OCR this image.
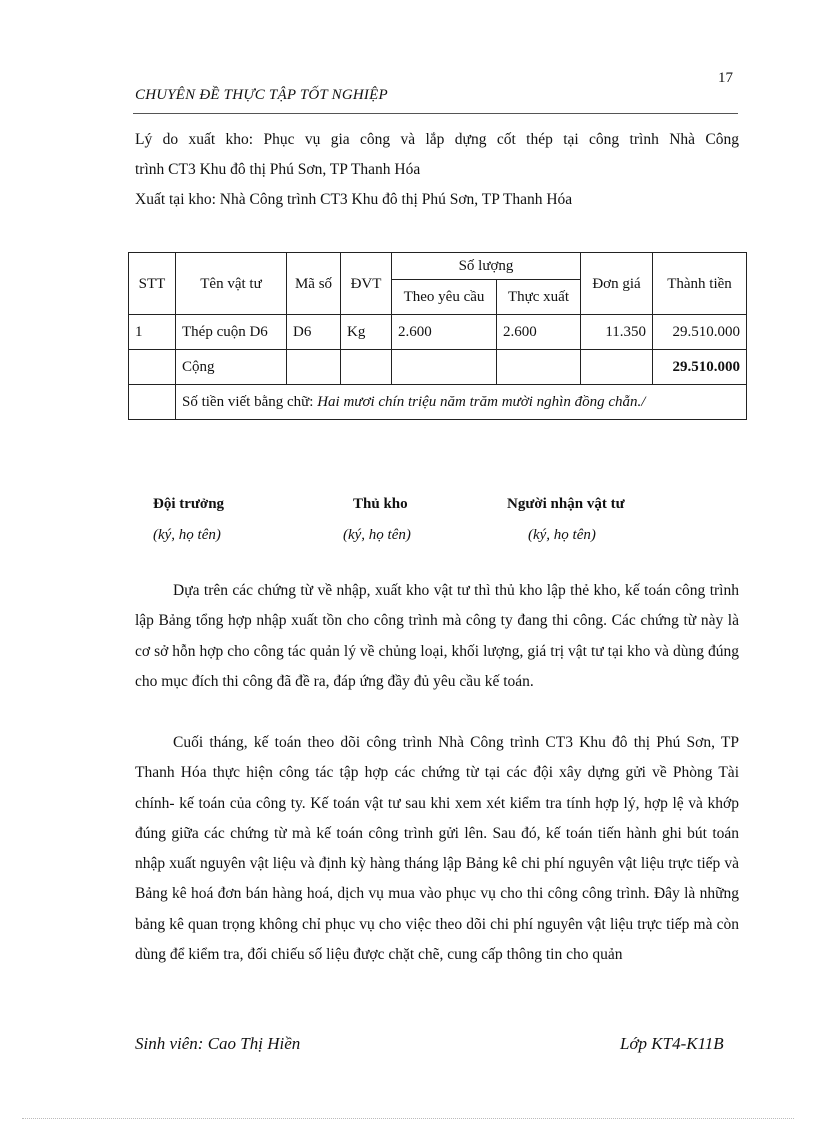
17
CHUYÊN ĐỀ THỰC TẬP TỐT NGHIỆP
Lý do xuất kho: Phục vụ gia công và lắp dựng cốt thép tại công trình Nhà Công
trình CT3 Khu đô thị Phú Sơn, TP Thanh Hóa
Xuất tại kho: Nhà Công trình CT3 Khu đô thị Phú Sơn, TP Thanh Hóa
STT	Tên vật tư	Mã số	ĐVT	Số lượng		Đơn giá	Thành tiền
				Theo yêu cầu	Thực xuất		
1	Thép cuộn D6	D6	Kg	2.600	2.600	11.350	29.510.000
	Cộng						29.510.000
	Số tiền viết bằng chữ: Hai mươi chín triệu năm trăm mười nghìn đồng chẵn./						
Đội trưởng	Thủ kho	Người nhận vật tư
(ký, họ tên)	(ký, họ tên)	(ký, họ tên)
Dựa trên các chứng từ về nhập, xuất kho vật tư thì thủ kho lập thẻ kho, kế toán công trình lập Bảng tổng hợp nhập xuất tồn cho công trình mà công ty đang thi công. Các chứng từ này là cơ sở hỗn hợp cho công tác quản lý về chủng loại, khối lượng, giá trị vật tư tại kho và dùng đúng cho mục đích thi công đã đề ra, đáp ứng đầy đủ yêu cầu kế toán.
Cuối tháng, kế toán theo dõi công trình Nhà Công trình CT3 Khu đô thị Phú Sơn, TP Thanh Hóa thực hiện công tác tập hợp các chứng từ tại các đội xây dựng gửi về Phòng Tài chính- kế toán của công ty. Kế toán vật tư sau khi xem xét kiểm tra tính hợp lý, hợp lệ và khớp đúng giữa các chứng từ mà kế toán công trình gửi lên. Sau đó, kế toán tiến hành ghi bút toán nhập xuất nguyên vật liệu và định kỳ hàng tháng lập Bảng kê chi phí nguyên vật liệu trực tiếp và Bảng kê hoá đơn bán hàng hoá, dịch vụ mua vào phục vụ cho thi công công trình. Đây là những bảng kê quan trọng không chỉ phục vụ cho việc theo dõi chi phí nguyên vật liệu trực tiếp mà còn dùng để kiểm tra, đối chiếu số liệu được chặt chẽ, cung cấp thông tin cho quản
Sinh viên: Cao Thị Hiền	Lớp KT4-K11B
